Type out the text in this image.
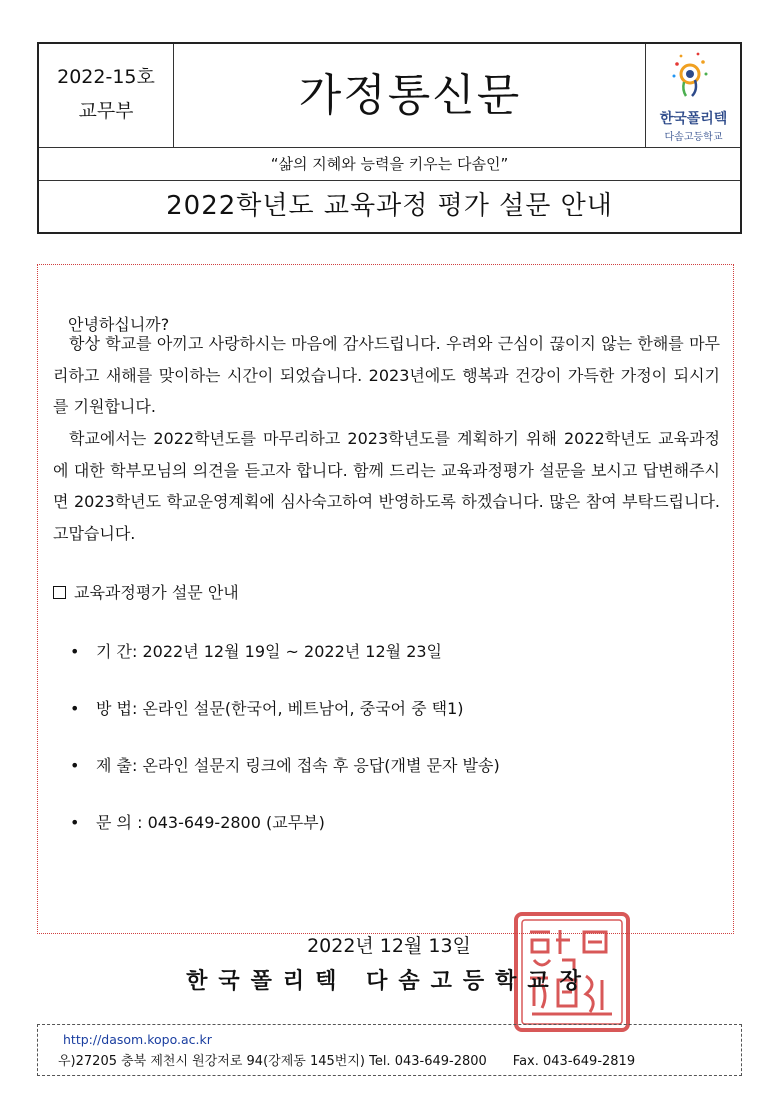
2022-15호
교무부	가정통신문	한국폴리텍
다솜고등학교
“삶의 지혜와 능력을 키우는 다솜인”
2022학년도 교육과정 평가 설문 안내

안녕하십니까?

항상 학교를 아끼고 사랑하시는 마음에 감사드립니다. 우려와 근심이 끊이지 않는 한해를 마무리하고 새해를 맞이하는 시간이 되었습니다. 2023년에도 행복과 건강이 가득한 가정이 되시기를 기원합니다.

학교에서는 2022학년도를 마무리하고 2023학년도를 계획하기 위해 2022학년도 교육과정에 대한 학부모님의 의견을 듣고자 합니다. 함께 드리는 교육과정평가 설문을 보시고 답변해주시면 2023학년도 학교운영계획에 심사숙고하여 반영하도록 하겠습니다. 많은 참여 부탁드립니다. 고맙습니다.

교육과정평가 설문 안내
• 기 간: 2022년 12월 19일 ~ 2022년 12월 23일
• 방 법: 온라인 설문(한국어, 베트남어, 중국어 중 택1)
• 제 출: 온라인 설문지 링크에 접속 후 응답(개별 문자 발송)
• 문 의 : 043-649-2800 (교무부)
2022년 12월 13일
한국폴리텍 다솜고등학교장
http://dasom.kopo.ac.kr
우)27205 충북 제천시 원강저로 94(강제동 145번지) Tel. 043-649-2800 Fax. 043-649-2819
